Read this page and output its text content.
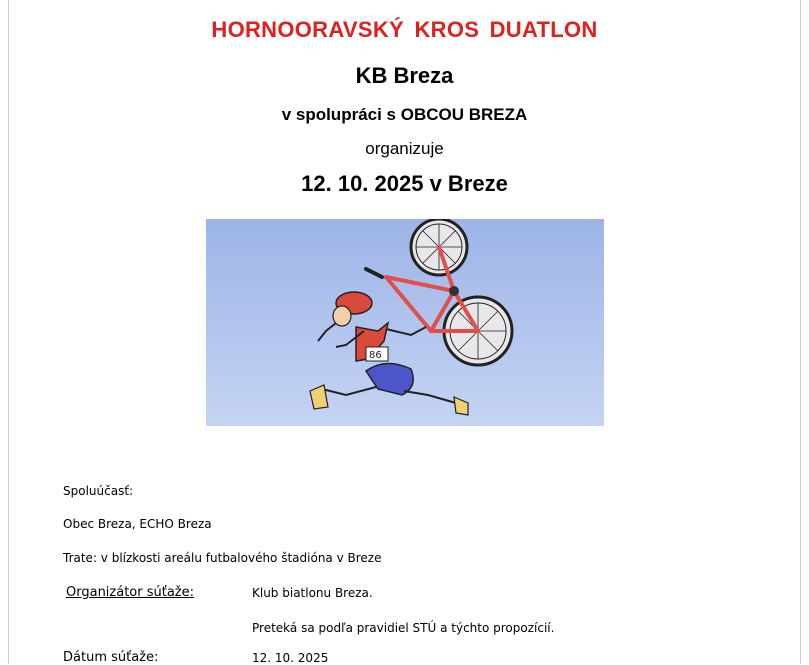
HORNOORAVSKÝ KROS DUATLON
KB Breza
v spolupráci s OBCOU BREZA
organizuje
12. 10. 2025 v Breze
86
Spoluúčasť:
Obec Breza, ECHO Breza
Trate: v blízkosti areálu futbalového štadióna v Breze
Organizátor súťaže:	Klub biatlonu Breza.
Preteká sa podľa pravidiel STÚ a týchto propozícií.
Dátum súťaže:	12. 10. 2025
